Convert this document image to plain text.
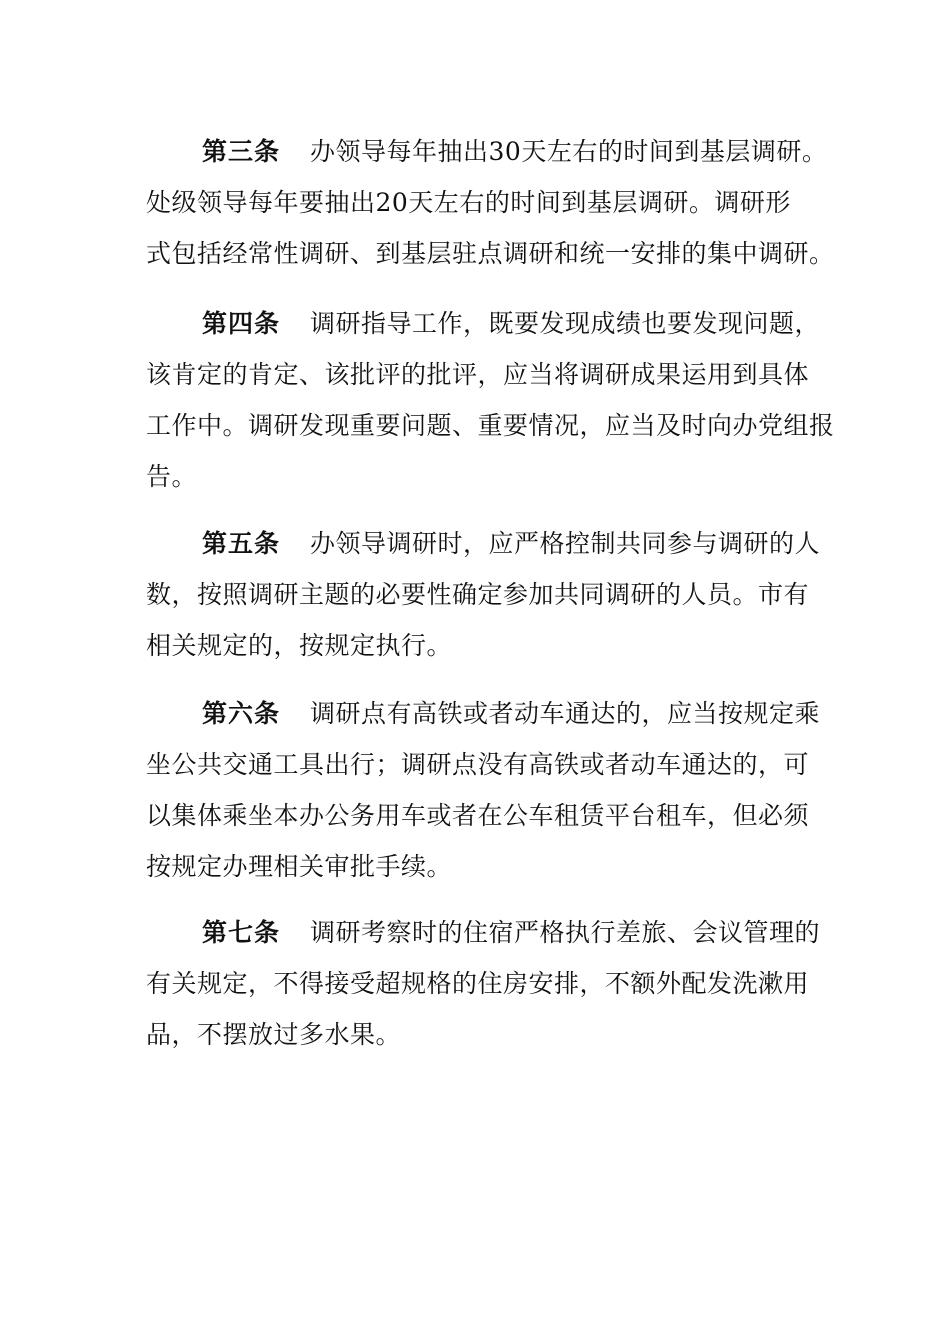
第三条 办领导每年抽出30天左右的时间到基层调研。
处级领导每年要抽出20天左右的时间到基层调研。调研形
式包括经常性调研、到基层驻点调研和统一安排的集中调研。
第四条 调研指导工作，既要发现成绩也要发现问题，
该肯定的肯定、该批评的批评，应当将调研成果运用到具体
工作中。调研发现重要问题、重要情况，应当及时向办党组报
告。
第五条 办领导调研时，应严格控制共同参与调研的人
数，按照调研主题的必要性确定参加共同调研的人员。市有
相关规定的，按规定执行。
第六条 调研点有高铁或者动车通达的，应当按规定乘
坐公共交通工具出行；调研点没有高铁或者动车通达的，可
以集体乘坐本办公务用车或者在公车租赁平台租车，但必须
按规定办理相关审批手续。
第七条 调研考察时的住宿严格执行差旅、会议管理的
有关规定，不得接受超规格的住房安排，不额外配发洗漱用
品，不摆放过多水果。
